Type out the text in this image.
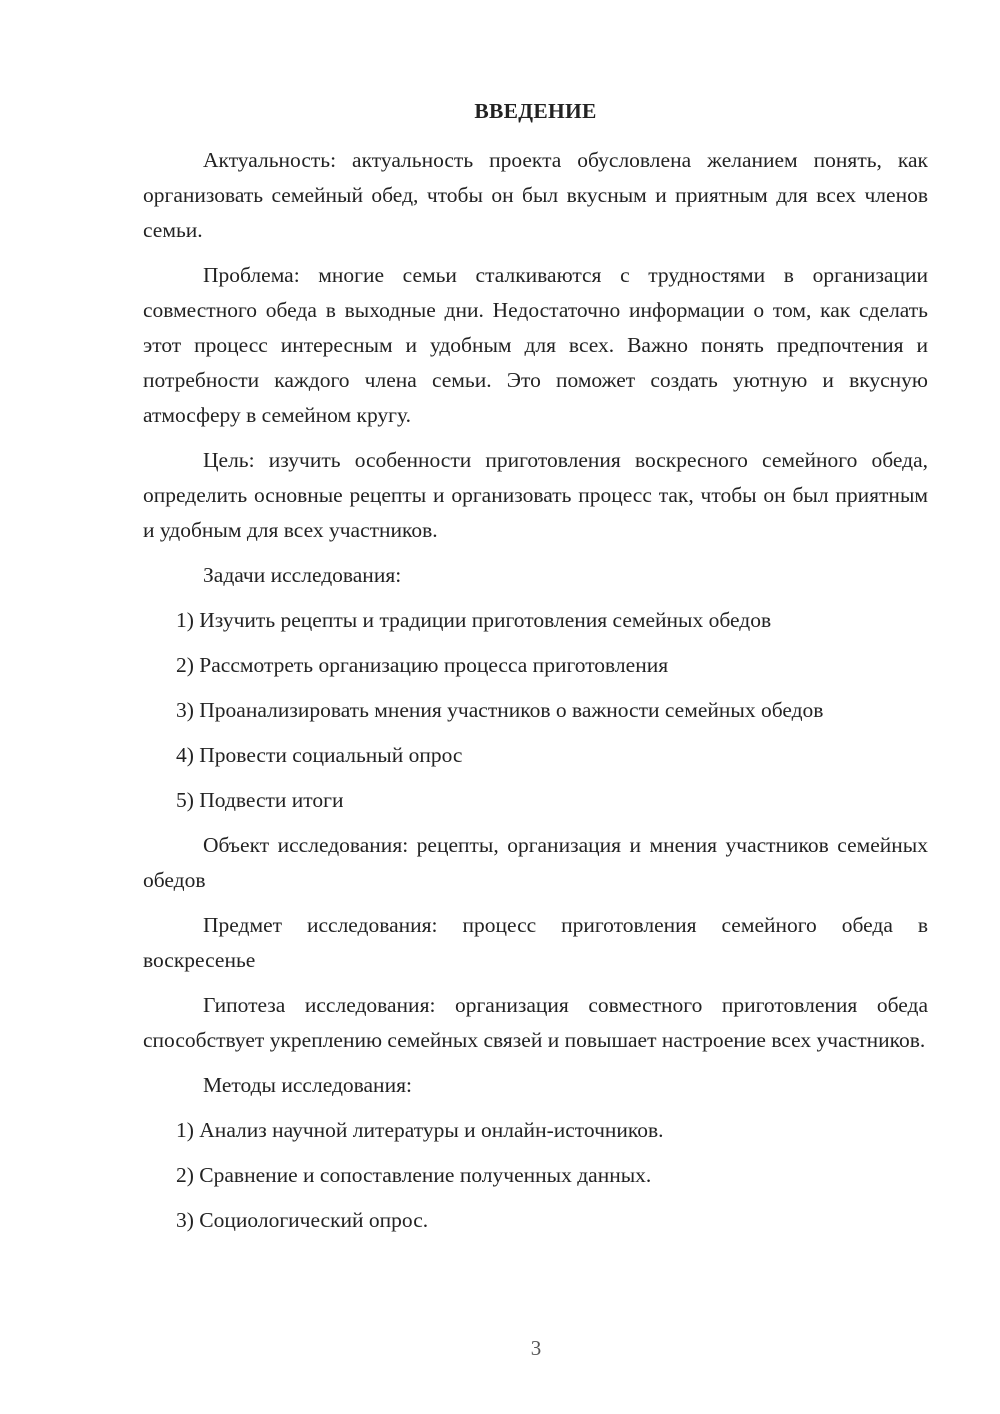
ВВЕДЕНИЕ

Актуальность: актуальность проекта обусловлена желанием понять, как организовать семейный обед, чтобы он был вкусным и приятным для всех членов семьи.

Проблема: многие семьи сталкиваются с трудностями в организации совместного обеда в выходные дни. Недостаточно информации о том, как сделать этот процесс интересным и удобным для всех. Важно понять предпочтения и потребности каждого члена семьи. Это поможет создать уютную и вкусную атмосферу в семейном кругу.

Цель: изучить особенности приготовления воскресного семейного обеда, определить основные рецепты и организовать процесс так, чтобы он был приятным и удобным для всех участников.

Задачи исследования:

1) Изучить рецепты и традиции приготовления семейных обедов
2) Рассмотреть организацию процесса приготовления
3) Проанализировать мнения участников о важности семейных обедов
4) Провести социальный опрос
5) Подвести итоги

Объект исследования: рецепты, организация и мнения участников семейных обедов

Предмет исследования: процесс приготовления семейного обеда в воскресенье

Гипотеза исследования: организация совместного приготовления обеда способствует укреплению семейных связей и повышает настроение всех участников.

Методы исследования:

1) Анализ научной литературы и онлайн-источников.
2) Сравнение и сопоставление полученных данных.
3) Социологический опрос.
3
